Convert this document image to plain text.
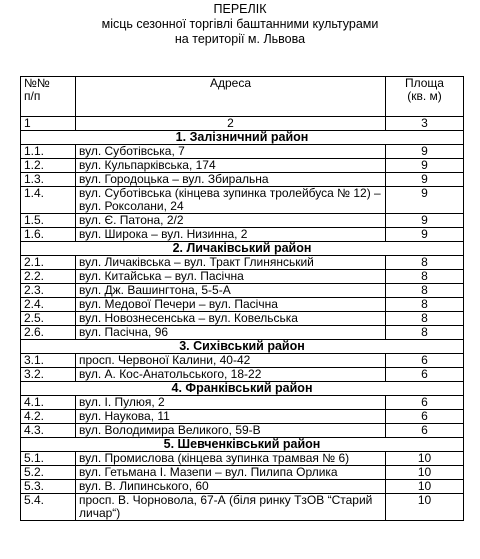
ПЕРЕЛІК
місць сезонної торгівлі баштанними культурами
на території м. Львова
№№
п/п	Адреса	Площа
(кв. м)
1	2	3
1. Залізничний район		
1.1.	вул. Суботівська, 7	9
1.2.	вул. Кульпарківська, 174	9
1.3.	вул. Городоцька – вул. Збиральна	9
1.4.	вул. Суботівська (кінцева зупинка тролейбуса № 12) – вул. Роксолани, 24	9
1.5.	вул. Є. Патона, 2/2	9
1.6.	вул. Широка – вул. Низинна, 2	9
2. Личаківський район		
2.1.	вул. Личаківська – вул. Тракт Глинянський	8
2.2.	вул. Китайська – вул. Пасічна	8
2.3.	вул. Дж. Вашингтона, 5-5-А	8
2.4.	вул. Медової Печери – вул. Пасічна	8
2.5.	вул. Новознесенська – вул. Ковельська	8
2.6.	вул. Пасічна, 96	8
3. Сихівський район		
3.1.	просп. Червоної Калини, 40-42	6
3.2.	вул. А. Кос-Анатольського, 18-22	6
4. Франківський район		
4.1.	вул. І. Пулюя, 2	6
4.2.	вул. Наукова, 11	6
4.3.	вул. Володимира Великого, 59-В	6
5. Шевченківський район		
5.1.	вул. Промислова (кінцева зупинка трамвая № 6)	10
5.2.	вул. Гетьмана І. Мазепи – вул. Пилипа Орлика	10
5.3.	вул. В. Липинського, 60	10
5.4.	просп. В. Чорновола, 67-А (біля ринку ТзОВ “Старий личар“)	10
